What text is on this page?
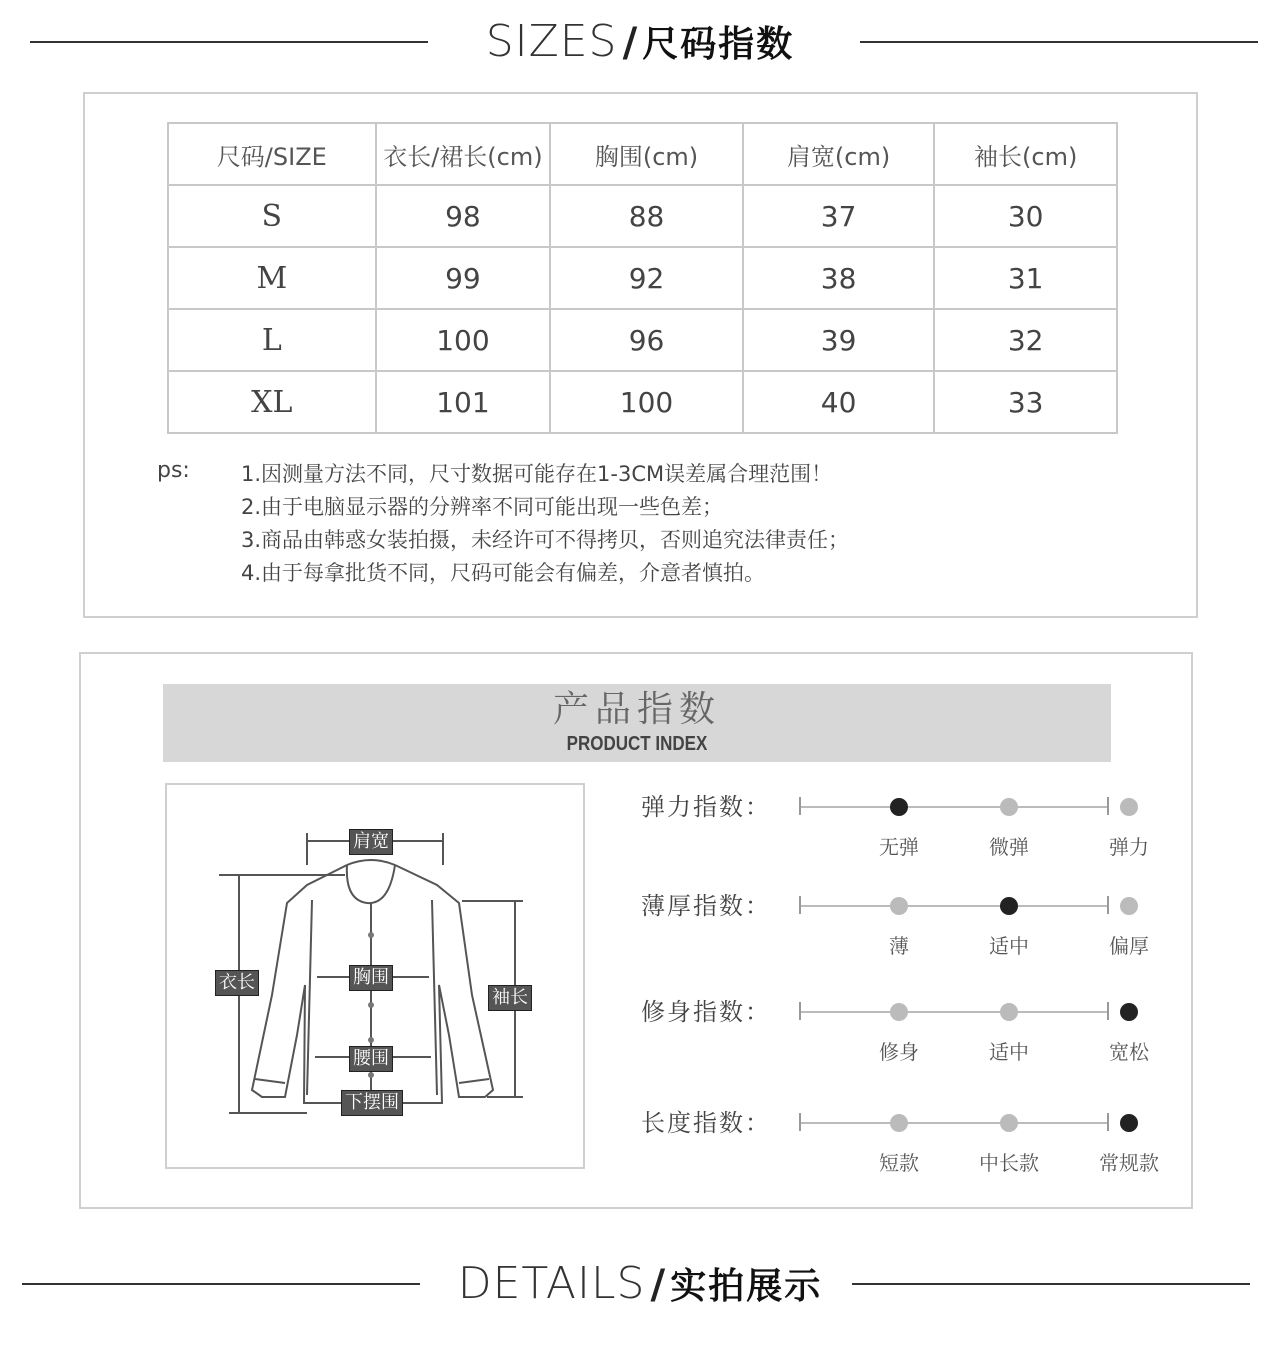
SIZES / 尺码指数
尺码/SIZE	衣长/裙长(cm)	胸围(cm)	肩宽(cm)	袖长(cm)
S	98	88	37	30
M	99	92	38	31
L	100	96	39	32
XL	101	100	40	33
ps: 1.因测量方法不同，尺寸数据可能存在1-3CM误差属合理范围！
2.由于电脑显示器的分辨率不同可能出现一些色差；
3.商品由韩惑女装拍摄，未经许可不得拷贝，否则追究法律责任；
4.由于每拿批货不同，尺码可能会有偏差，介意者慎拍。
产品指数
PRODUCT INDEX
肩宽
衣长	胸围
袖长
腰围
下摆围
弹力指数：
无弹	微弹	弹力
薄厚指数：
薄	适中	偏厚
修身指数：
修身	适中	宽松
长度指数：
短款	中长款	常规款
DETAILS / 实拍展示
